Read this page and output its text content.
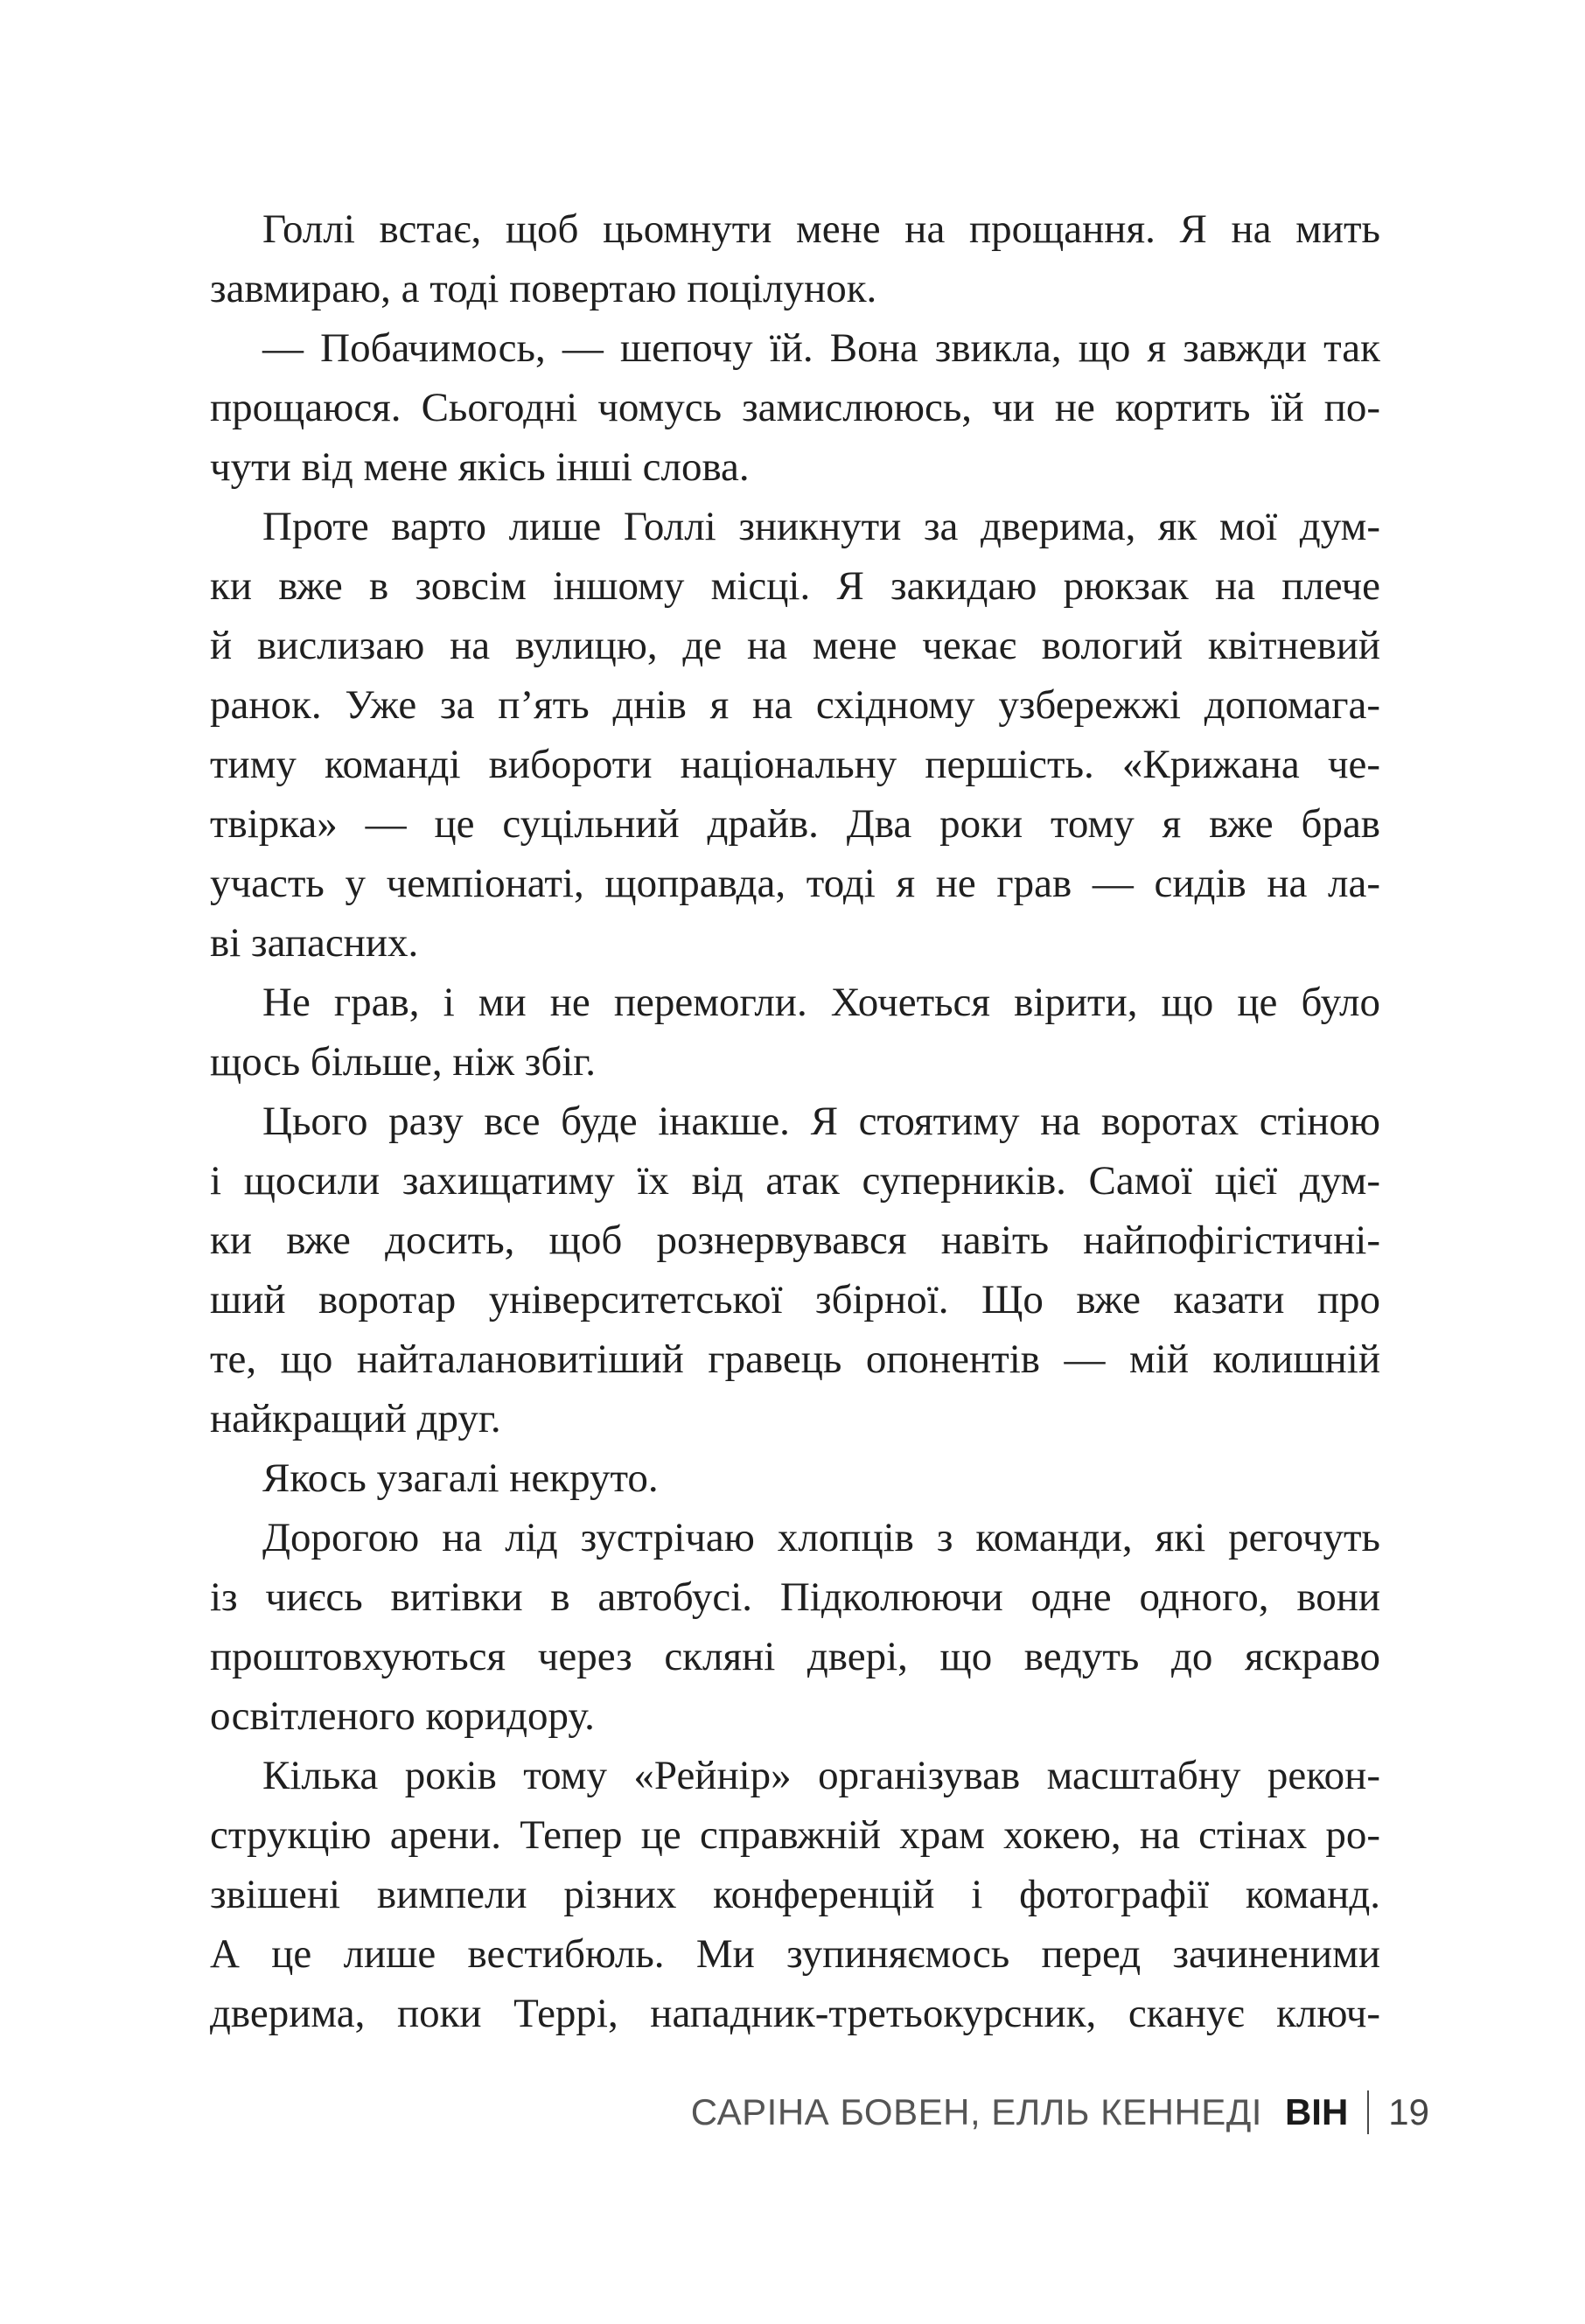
Голлі встає, щоб цьомнути мене на прощання. Я на мить
завмираю, а тоді повертаю поцілунок.
— Побачимось, — шепочу їй. Вона звикла, що я завжди так
прощаюся. Сьогодні чомусь замислююсь, чи не кортить їй по-
чути від мене якісь інші слова.
Проте варто лише Голлі зникнути за дверима, як мої дум-
ки вже в зовсім іншому місці. Я закидаю рюкзак на плече
й вислизаю на вулицю, де на мене чекає вологий квітневий
ранок. Уже за п’ять днів я на східному узбережжі допомага-
тиму команді вибороти національну першість. «Крижана че-
твірка» — це суцільний драйв. Два роки тому я вже брав
участь у чемпіонаті, щоправда, тоді я не грав — сидів на ла-
ві запасних.
Не грав, і ми не перемогли. Хочеться вірити, що це було
щось більше, ніж збіг.
Цього разу все буде інакше. Я стоятиму на воротах стіною
і щосили захищатиму їх від атак суперників. Самої цієї дум-
ки вже досить, щоб рознервувався навіть найпофігістичні-
ший воротар університетської збірної. Що вже казати про
те, що найталановитіший гравець опонентів — мій колишній
найкращий друг.
Якось узагалі некруто.
Дорогою на лід зустрічаю хлопців з команди, які регочуть
із чиєсь витівки в автобусі. Підколюючи одне одного, вони
проштовхуються через скляні двері, що ведуть до яскраво
освітленого коридору.
Кілька років тому «Рейнір» організував масштабну рекон-
струкцію арени. Тепер це справжній храм хокею, на стінах ро-
звішені вимпели різних конференцій і фотографії команд.
А це лише вестибюль. Ми зупиняємось перед зачиненими
дверима, поки Террі, нападник-третьокурсник, сканує ключ-
САРІНА БОВЕН, ЕЛЛЬ КЕННЕДІ ВІН 19
